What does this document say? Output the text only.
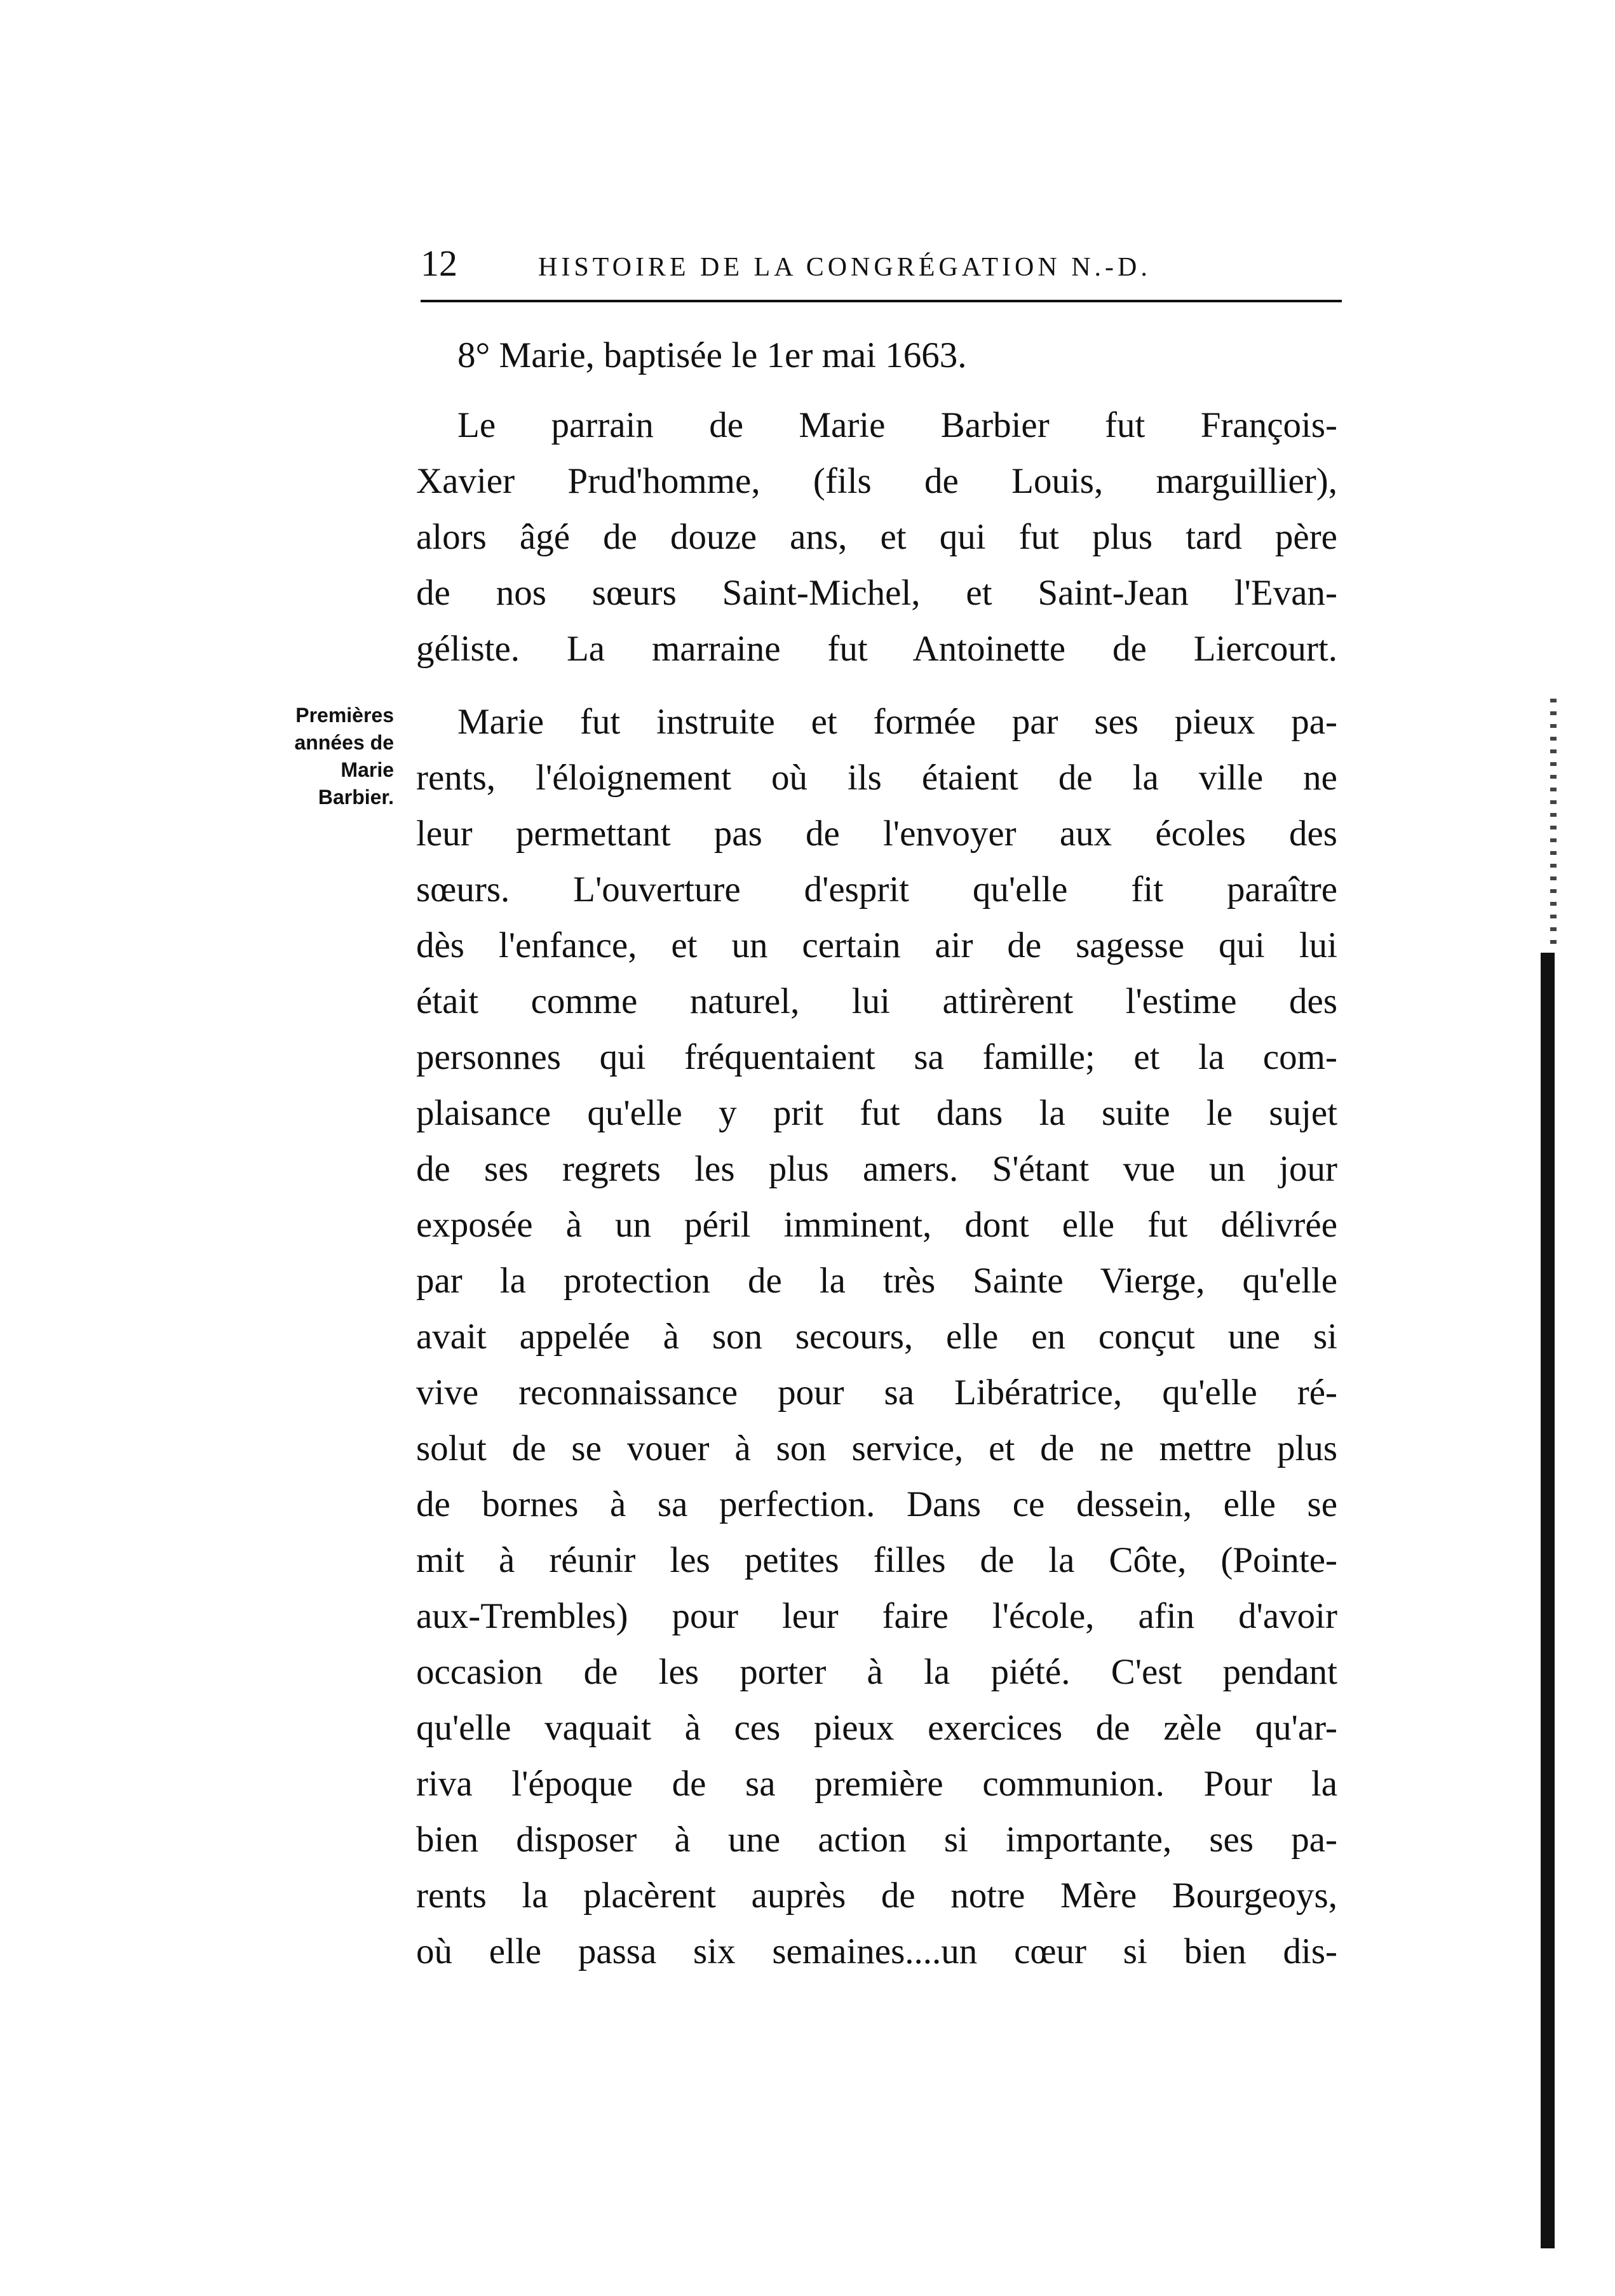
12	HISTOIRE DE LA CONGRÉGATION N.-D.
Premières
années de
Marie
Barbier.
8° Marie, baptisée le 1er mai 1663.
Le parrain de Marie Barbier fut François-
Xavier Prud'homme, (fils de Louis, marguillier),
alors âgé de douze ans, et qui fut plus tard père
de nos sœurs Saint-Michel, et Saint-Jean l'Evan-
géliste. La marraine fut Antoinette de Liercourt.
Marie fut instruite et formée par ses pieux pa-
rents, l'éloignement où ils étaient de la ville ne
leur permettant pas de l'envoyer aux écoles des
sœurs. L'ouverture d'esprit qu'elle fit paraître
dès l'enfance, et un certain air de sagesse qui lui
était comme naturel, lui attirèrent l'estime des
personnes qui fréquentaient sa famille; et la com-
plaisance qu'elle y prit fut dans la suite le sujet
de ses regrets les plus amers. S'étant vue un jour
exposée à un péril imminent, dont elle fut délivrée
par la protection de la très Sainte Vierge, qu'elle
avait appelée à son secours, elle en conçut une si
vive reconnaissance pour sa Libératrice, qu'elle ré-
solut de se vouer à son service, et de ne mettre plus
de bornes à sa perfection. Dans ce dessein, elle se
mit à réunir les petites filles de la Côte, (Pointe-
aux-Trembles) pour leur faire l'école, afin d'avoir
occasion de les porter à la piété. C'est pendant
qu'elle vaquait à ces pieux exercices de zèle qu'ar-
riva l'époque de sa première communion. Pour la
bien disposer à une action si importante, ses pa-
rents la placèrent auprès de notre Mère Bourgeoys,
où elle passa six semaines....un cœur si bien dis-
